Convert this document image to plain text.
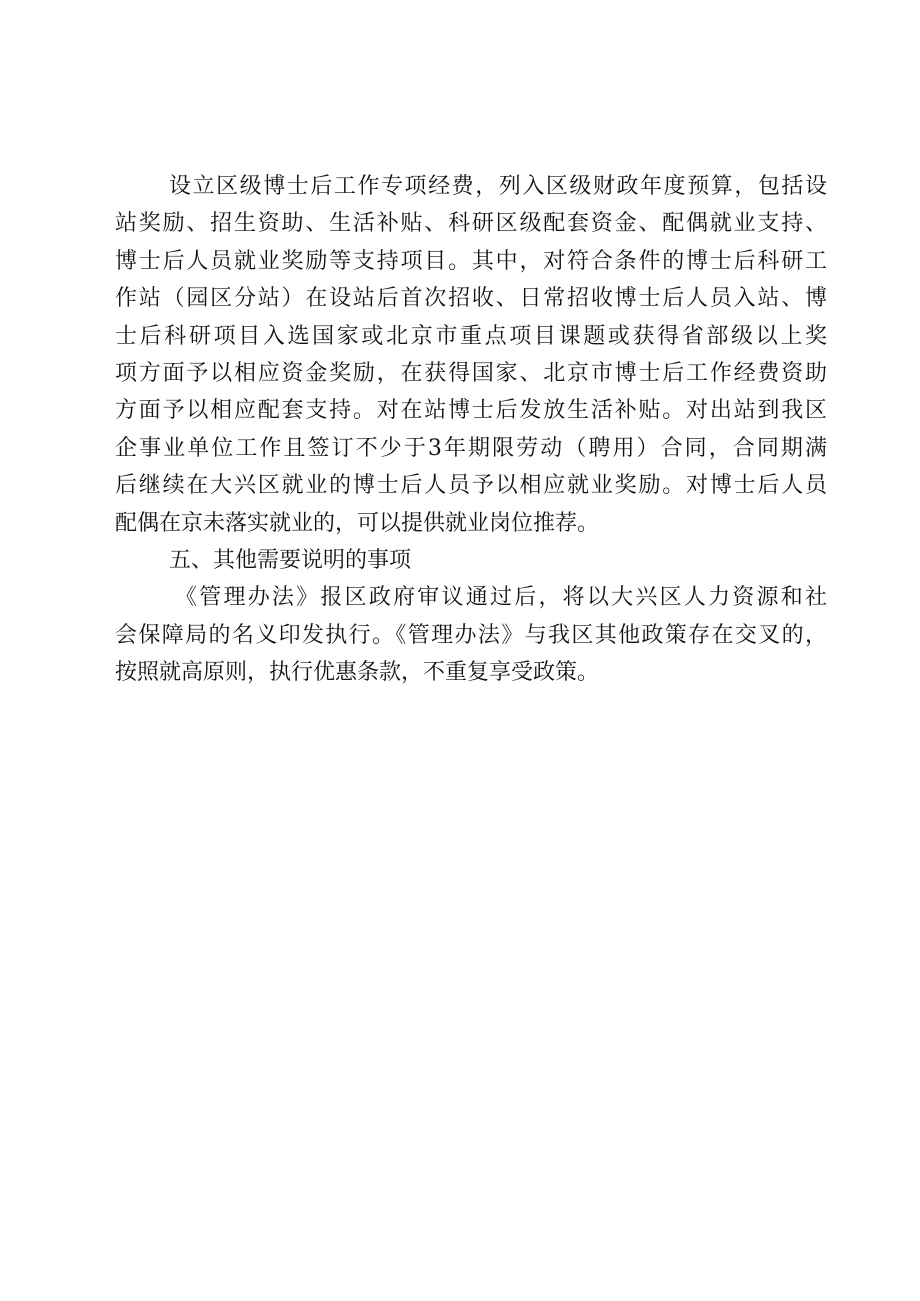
设立区级博士后工作专项经费，列入区级财政年度预算，包括设
站奖励、招生资助、生活补贴、科研区级配套资金、配偶就业支持、
博士后人员就业奖励等支持项目。其中，对符合条件的博士后科研工
作站（园区分站）在设站后首次招收、日常招收博士后人员入站、博
士后科研项目入选国家或北京市重点项目课题或获得省部级以上奖
项方面予以相应资金奖励，在获得国家、北京市博士后工作经费资助
方面予以相应配套支持。对在站博士后发放生活补贴。对出站到我区
企事业单位工作且签订不少于3年期限劳动（聘用）合同，合同期满
后继续在大兴区就业的博士后人员予以相应就业奖励。对博士后人员
配偶在京未落实就业的，可以提供就业岗位推荐。
五、其他需要说明的事项
《管理办法》报区政府审议通过后，将以大兴区人力资源和社
会保障局的名义印发执行。《管理办法》与我区其他政策存在交叉的，
按照就高原则，执行优惠条款，不重复享受政策。
